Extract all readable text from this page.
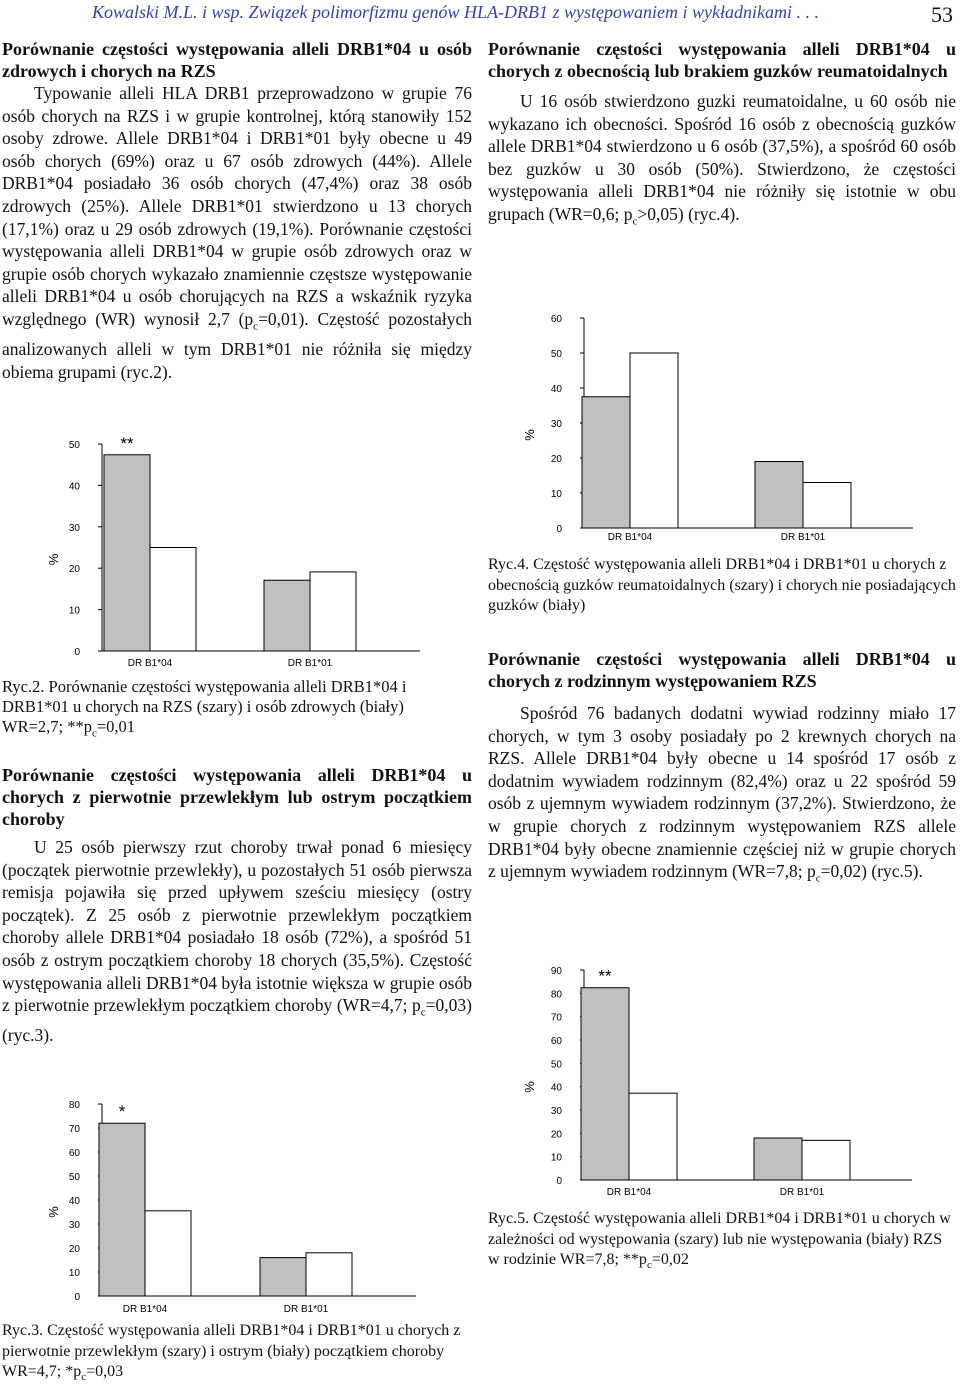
Kowalski M.L. i wsp. Związek polimorfizmu genów HLA-DRB1 z występowaniem i wykładnikami . . .	53

Porównanie częstości występowania alleli DRB1*04 u osób zdrowych i chorych na RZS

Typowanie alleli HLA DRB1 przeprowadzono w grupie 76 osób chorych na RZS i w grupie kontrolnej, którą stanowiły 152 osoby zdrowe. Allele DRB1*04 i DRB1*01 były obecne u 49 osób chorych (69%) oraz u 67 osób zdrowych (44%). Allele DRB1*04 posiadało 36 osób chorych (47,4%) oraz 38 osób zdrowych (25%). Allele DRB1*01 stwierdzono u 13 chorych (17,1%) oraz u 29 osób zdrowych (19,1%). Porównanie częstości występowania alleli DRB1*04 w grupie osób zdrowych oraz w grupie osób chorych wykazało znamiennie częstsze występowanie alleli DRB1*04 u osób chorujących na RZS a wskaźnik ryzyka względnego (WR) wynosił 2,7 $(p_c=0,01)$. Częstość pozostałych analizowanych alleli w tym DRB1*01 nie różniła się między obiema grupami (ryc.2).

0
10
20
30
40
50
%
DR B1*04	DR B1*01
**
Ryc.2. Porównanie częstości występowania alleli DRB1*04 i DRB1*01 u chorych na RZS (szary) i osób zdrowych (biały) WR=2,7; $**p_c=0,01$

Porównanie częstości występowania alleli DRB1*04 u chorych z pierwotnie przewlekłym lub ostrym początkiem choroby

U 25 osób pierwszy rzut choroby trwał ponad 6 miesięcy (początek pierwotnie przewlekły), u pozostałych 51 osób pierwsza remisja pojawiła się przed upływem sześciu miesięcy (ostry początek). Z 25 osób z pierwotnie przewlekłym początkiem choroby allele DRB1*04 posiadało 18 osób (72%), a spośród 51 osób z ostrym początkiem choroby 18 chorych (35,5%). Częstość występowania alleli DRB1*04 była istotnie większa w grupie osób z pierwotnie przewlekłym początkiem choroby (WR=4,7; $p_c=0,03$) (ryc.3).

0
10
20
30
40
50
60
70
80
%
DR B1*04	DR B1*01
*
Ryc.3. Częstość występowania alleli DRB1*04 i DRB1*01 u chorych z pierwotnie przewlekłym (szary) i ostrym (biały) początkiem choroby WR=4,7; $*p_c=0,03$

Porównanie częstości występowania alleli DRB1*04 u chorych z obecnością lub brakiem guzków reumatoidalnych

U 16 osób stwierdzono guzki reumatoidalne, u 60 osób nie wykazano ich obecności. Spośród 16 osób z obecnością guzków allele DRB1*04 stwierdzono u 6 osób (37,5%), a spośród 60 osób bez guzków u 30 osób (50%). Stwierdzono, że częstości występowania alleli DRB1*04 nie różniły się istotnie w obu grupach (WR=0,6; $p_c>0,05$) (ryc.4).

0
10
20
30
40
50
60
%
DR B1*04	DR B1*01
Ryc.4. Częstość występowania alleli DRB1*04 i DRB1*01 u chorych z obecnością guzków reumatoidalnych (szary) i chorych nie posiadających guzków (biały)

Porównanie częstości występowania alleli DRB1*04 u chorych z rodzinnym występowaniem RZS

Spośród 76 badanych dodatni wywiad rodzinny miało 17 chorych, w tym 3 osoby posiadały po 2 krewnych chorych na RZS. Allele DRB1*04 były obecne u 14 spośród 17 osób z dodatnim wywiadem rodzinnym (82,4%) oraz u 22 spośród 59 osób z ujemnym wywiadem rodzinnym (37,2%). Stwierdzono, że w grupie chorych z rodzinnym występowaniem RZS allele DRB1*04 były obecne znamiennie częściej niż w grupie chorych z ujemnym wywiadem rodzinnym (WR=7,8; $p_c=0,02$) (ryc.5).

0
10
20
30
40
50
60
70
80
90
%
DR B1*04	DR B1*01
**
Ryc.5. Częstość występowania alleli DRB1*04 i DRB1*01 u chorych w zależności od występowania (szary) lub nie występowania (biały) RZS w rodzinie WR=7,8; $**p_c=0,02$
